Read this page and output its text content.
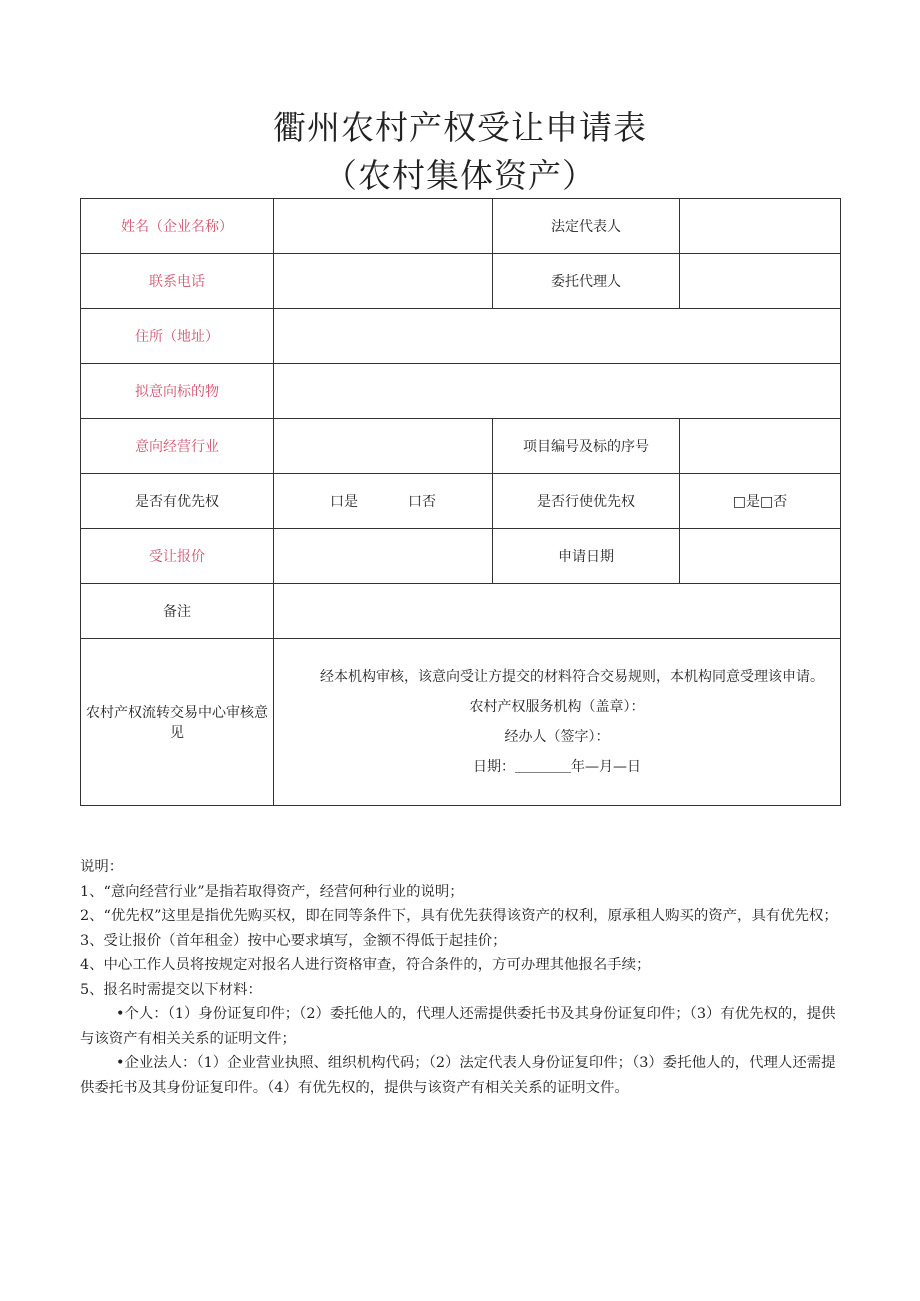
衢州农村产权受让申请表
（农村集体资产）
姓名（企业名称）		法定代表人	
联系电话		委托代理人	
住所（地址）			
拟意向标的物			
意向经营行业		项目编号及标的序号	
是否有优先权	口是 口否	是否行使优先权	□是□否
受让报价		申请日期	
备注			
农村产权流转交易中心审核意见	经本机构审核，该意向受让方提交的材料符合交易规则，本机构同意受理该申请。

农村产权服务机构（盖章）：
经办人（签字）：
日期：＿＿＿＿年—月—日		

说明：

1、“意向经营行业”是指若取得资产，经营何种行业的说明；

2、“优先权”这里是指优先购买权，即在同等条件下，具有优先获得该资产的权利，原承租人购买的资产，具有优先权；

3、受让报价（首年租金）按中心要求填写，金额不得低于起挂价；

4、中心工作人员将按规定对报名人进行资格审查，符合条件的，方可办理其他报名手续；

5、报名时需提交以下材料：

•个人：（1）身份证复印件；（2）委托他人的，代理人还需提供委托书及其身份证复印件；（3）有优先权的，提供与该资产有相关关系的证明文件；

•企业法人：（1）企业营业执照、组织机构代码；（2）法定代表人身份证复印件；（3）委托他人的，代理人还需提供委托书及其身份证复印件。（4）有优先权的，提供与该资产有相关关系的证明文件。
